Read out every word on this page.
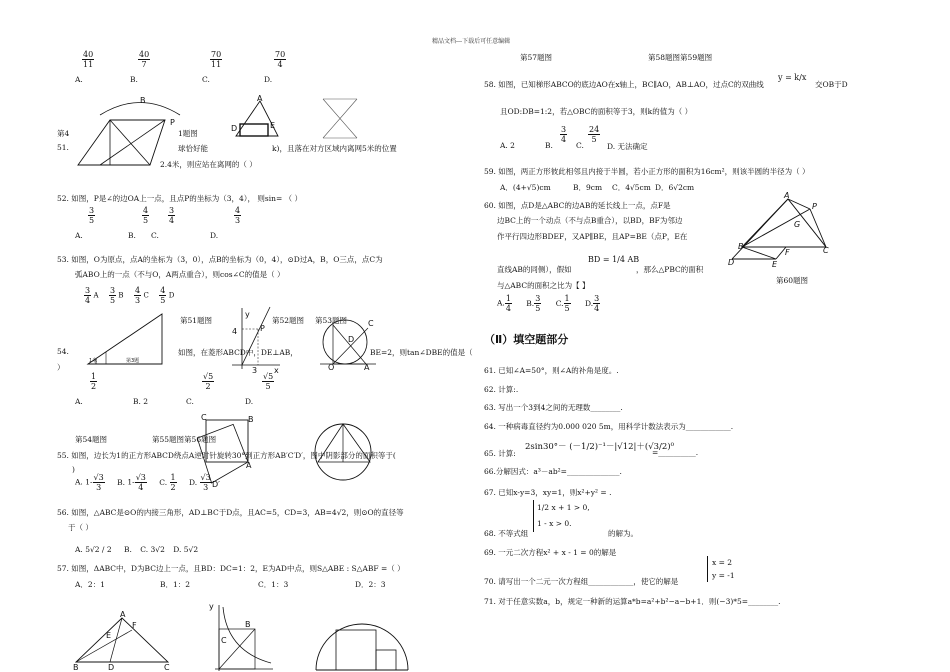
精品文档---下载后可任意编辑
$\frac{40}{11}$
A.
$\frac{40}{7}$
B.
$\frac{70}{11}$
C.
$\frac{70}{4}$
D.
B
P
第4	1题图
A
D	E
51.	球恰好能	k)，且落在对方区域内离网5米的位置
2.4米，则应站在离网的（ ）
52. 如图，P是∠的边OA上一点，且点P的坐标为（3，4）， 则sin= （ ）
$\frac{3}{5}$
A.
$\frac{4}{5}$
B.
$\frac{3}{4}$
C.
$\frac{4}{3}$
D.
53. 如图，O为原点，点A的坐标为（3，0），点B的坐标为（0，4），⊙D过A，B，O三点，点C为
弧ABO上的一点（不与O，A两点重合），则cos∠C的值是（ ）
$\frac{3}{4}$ A $\frac{3}{5}$ B $\frac{4}{3}$ C $\frac{4}{5}$ D
1米	第3题
第51题图	第52题图 第53题图
y
P
4
3 x
D
C
O	A
54.	如图，在菱形ABCD中，DE⊥AB，	BE=2，则tan∠DBE的值是（
）
$\frac{1}{2}$
A.	B. 2
$\frac{√5}{2}$
C.
$\frac{√5}{5}$
D.
C	B
A
D′
第54题图	第55题图第56题图
55. 如图，边长为1的正方形ABCD绕点A逆时针旋转30°到正方形AB′C′D′，图中阴影部分的面积等于(
)
A. $1- \frac{√3}{3} B$. $1- \frac{√3}{4} C$. $\frac{1}{2} D$. $\frac{√3}{3}$
56. 如图，△ABC是⊙O的内接三角形，AD⊥BC于D点，且AC=5，CD=3，AB=4√2，则⊙O的直径等
于（ ）
A. 5√2 / 2 B. C. 3√2 D. 5√2
57. 如图，ΔABC中，D为BC边上一点，且BD：DC=1：2，E为AD中点，则S△ABE : S△ABF =（ ）
A．2：1	B．1：2	C．1：3	D．2：3
A
E
F
B	D	C
y
B
C
第57题图	第58题图第59题图
58. 如图，已知梯形ABCO的底边AO在x轴上，BC∥AO，AB⊥AO，过点C的双曲线
y = k/x
交OB于D
且OD:DB=1:2，若△OBC的面积等于3，则k的值为（ ）
A. 2	B.
$\frac{3}{4}$
C.
$\frac{24}{5}$
D. 无法确定
59. 如图，两正方形彼此相邻且内接于半圆，若小正方形的面积为16cm²，则该半圆的半径为（ ）
A．(4+√5)cm	B．9cm C．4√5cm D．6√2cm
60. 如图，点D是△ABC的边AB的延长线上一点，点F是
边BC上的一个动点（不与点B重合），以BD，BF为邻边
作平行四边形BDEF，又AP∥BE，且AP=BE（点P，E在
直线AB的同侧），假如
BD = 1/4 AB
，那么△PBC的面积
与△ABC的面积之比为【 】
A. $\frac{1}{4} B$. $\frac{3}{5} C$. $\frac{1}{5} D$. $\frac{3}{4}$
A
P
G
B	C
D	E
F
第60题图
（Ⅱ）填空题部分
61. 已知∠A=50°，则∠A的补角是度。.
62. 计算:.
63. 写出一个3到4之间的无理数________.
64. 一种病毒直径约为0.000 020 5m，用科学计数法表示为____________.
65. 计算:
2sin30°－ (－1/2)⁻¹－|√12|＋(√3/2)⁰
=__________.
66.分解因式：a³－ab²=______________.
67. 已知x-y=3，xy=1，则x²+y² = .
68. 不等式组
1/2 x + 1 > 0,
1 - x > 0.
的解为。
69. 一元二次方程x² + x - 1 = 0的解是
70. 请写出一个二元一次方程组____________，使它的解是
x = 2
y = -1
71. 对于任意实数a，b，规定一种新的运算a*b=a²+b²−a−b+1．则(−3)*5=________.
